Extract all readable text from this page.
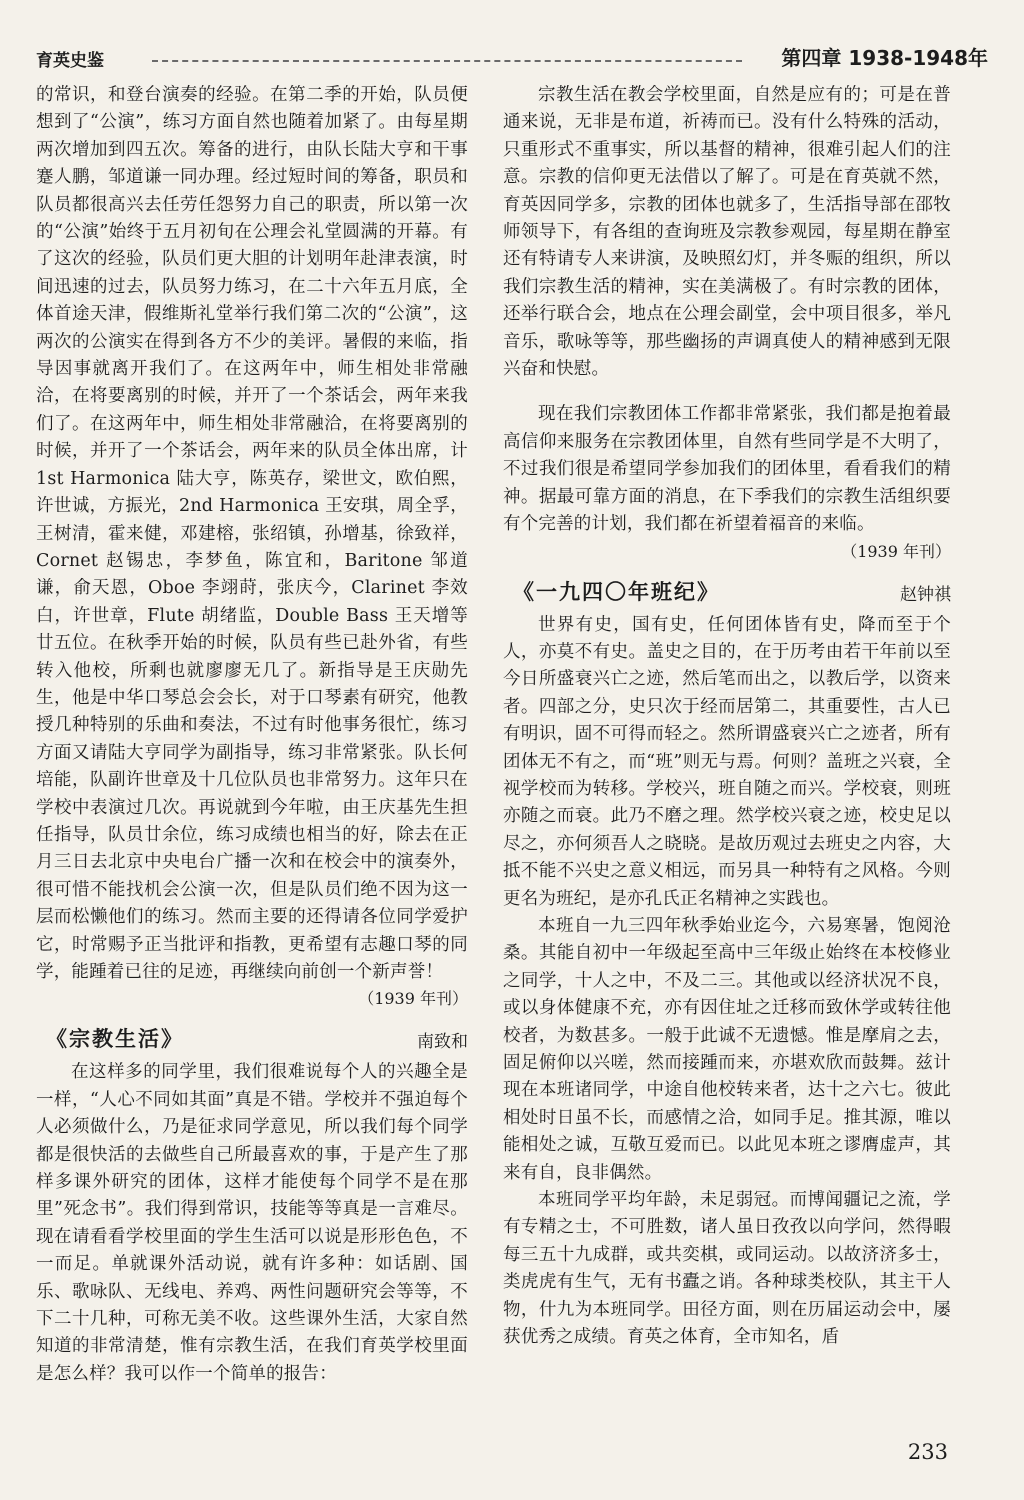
育英史鉴	第四章 1938-1948年

的常识，和登台演奏的经验。在第二季的开始，队员便想到了“公演”，练习方面自然也随着加紧了。由每星期两次增加到四五次。筹备的进行，由队长陆大亨和干事蹇人鹏，邹道谦一同办理。经过短时间的筹备，职员和队员都很高兴去任劳任怨努力自己的职责，所以第一次的“公演”始终于五月初旬在公理会礼堂圆满的开幕。有了这次的经验，队员们更大胆的计划明年赴津表演，时间迅速的过去，队员努力练习，在二十六年五月底，全体首途天津，假维斯礼堂举行我们第二次的“公演”，这两次的公演实在得到各方不少的美评。暑假的来临，指导因事就离开我们了。在这两年中，师生相处非常融洽，在将要离别的时候，并开了一个茶话会，两年来我们了。在这两年中，师生相处非常融洽，在将要离别的时候，并开了一个茶话会，两年来的队员全体出席，计1st Harmonica 陆大亨，陈英存，梁世文，欧伯熙，许世诚，方振光，2nd Harmonica 王安琪，周全孚，王树清，霍来健，邓建榕，张绍镇，孙增基，徐致祥，Cornet 赵锡忠，李梦鱼，陈宜和，Baritone 邹道谦，俞天恩，Oboe 李翊莳，张庆今，Clarinet 李效白，许世章，Flute 胡绪监，Double Bass 王天增等廿五位。在秋季开始的时候，队员有些已赴外省，有些转入他校，所剩也就廖廖无几了。新指导是王庆勋先生，他是中华口琴总会会长，对于口琴素有研究，他教授几种特别的乐曲和奏法，不过有时他事务很忙，练习方面又请陆大亨同学为副指导，练习非常紧张。队长何培能，队副许世章及十几位队员也非常努力。这年只在学校中表演过几次。再说就到今年啦，由王庆基先生担任指导，队员廿余位，练习成绩也相当的好，除去在正月三日去北京中央电台广播一次和在校会中的演奏外，很可惜不能找机会公演一次，但是队员们绝不因为这一层而松懒他们的练习。然而主要的还得请各位同学爱护它，时常赐予正当批评和指教，更希望有志趣口琴的同学，能踵着已往的足迹，再继续向前创一个新声誉！

（1939 年刊）
《宗教生活》	南致和

在这样多的同学里，我们很难说每个人的兴趣全是一样，“人心不同如其面”真是不错。学校并不强迫每个人必须做什么，乃是征求同学意见，所以我们每个同学都是很快活的去做些自己所最喜欢的事，于是产生了那样多课外研究的团体，这样才能使每个同学不是在那里”死念书”。我们得到常识，技能等等真是一言难尽。现在请看看学校里面的学生生活可以说是形形色色，不一而足。单就课外活动说，就有许多种：如话剧、国乐、歌咏队、无线电、养鸡、两性问题研究会等等，不下二十几种，可称无美不收。这些课外生活，大家自然知道的非常清楚，惟有宗教生活，在我们育英学校里面是怎么样？我可以作一个简单的报告：

宗教生活在教会学校里面，自然是应有的；可是在普通来说，无非是布道，祈祷而已。没有什么特殊的活动，只重形式不重事实，所以基督的精神，很难引起人们的注意。宗教的信仰更无法借以了解了。可是在育英就不然，育英因同学多，宗教的团体也就多了，生活指导部在邵牧师领导下，有各组的查询班及宗教参观园，每星期在静室还有特请专人来讲演，及映照幻灯，并冬赈的组织，所以我们宗教生活的精神，实在美满极了。有时宗教的团体，还举行联合会，地点在公理会副堂，会中项目很多，举凡音乐，歌咏等等，那些幽扬的声调真使人的精神感到无限兴奋和快慰。

现在我们宗教团体工作都非常紧张，我们都是抱着最高信仰来服务在宗教团体里，自然有些同学是不大明了，不过我们很是希望同学参加我们的团体里，看看我们的精神。据最可靠方面的消息，在下季我们的宗教生活组织要有个完善的计划，我们都在祈望着福音的来临。

（1939 年刊）
《一九四〇年班纪》	赵钟祺

世界有史，国有史，任何团体皆有史，降而至于个人，亦莫不有史。盖史之目的，在于历考由若干年前以至今日所盛衰兴亡之迹，然后笔而出之，以教后学，以资来者。四部之分，史只次于经而居第二，其重要性，古人已有明识，固不可得而轻之。然所谓盛衰兴亡之迹者，所有团体无不有之，而“班”则无与焉。何则？盖班之兴衰，全视学校而为转移。学校兴，班自随之而兴。学校衰，则班亦随之而衰。此乃不磨之理。然学校兴衰之迹，校史足以尽之，亦何须吾人之晓晓。是故历观过去班史之内容，大抵不能不兴史之意义相远，而另具一种特有之风格。今则更名为班纪，是亦孔氏正名精神之实践也。

本班自一九三四年秋季始业迄今，六易寒暑，饱阅沧桑。其能自初中一年级起至高中三年级止始终在本校修业之同学，十人之中，不及二三。其他或以经济状况不良，或以身体健康不充，亦有因住址之迁移而致休学或转往他校者，为数甚多。一般于此诚不无遗憾。惟是摩肩之去，固足俯仰以兴嗟，然而接踵而来，亦堪欢欣而鼓舞。兹计现在本班诸同学，中途自他校转来者，达十之六七。彼此相处时日虽不长，而感情之洽，如同手足。推其源，唯以能相处之诚，互敬互爱而已。以此见本班之谬膺虚声，其来有自，良非偶然。

本班同学平均年龄，未足弱冠。而博闻疆记之流，学有专精之士，不可胜数，诸人虽日孜孜以向学问，然得暇每三五十九成群，或共奕棋，或同运动。以故济济多士，类虎虎有生气，无有书蠹之诮。各种球类校队，其主干人物，什九为本班同学。田径方面，则在历届运动会中，屡获优秀之成绩。育英之体育，全市知名，盾

233
